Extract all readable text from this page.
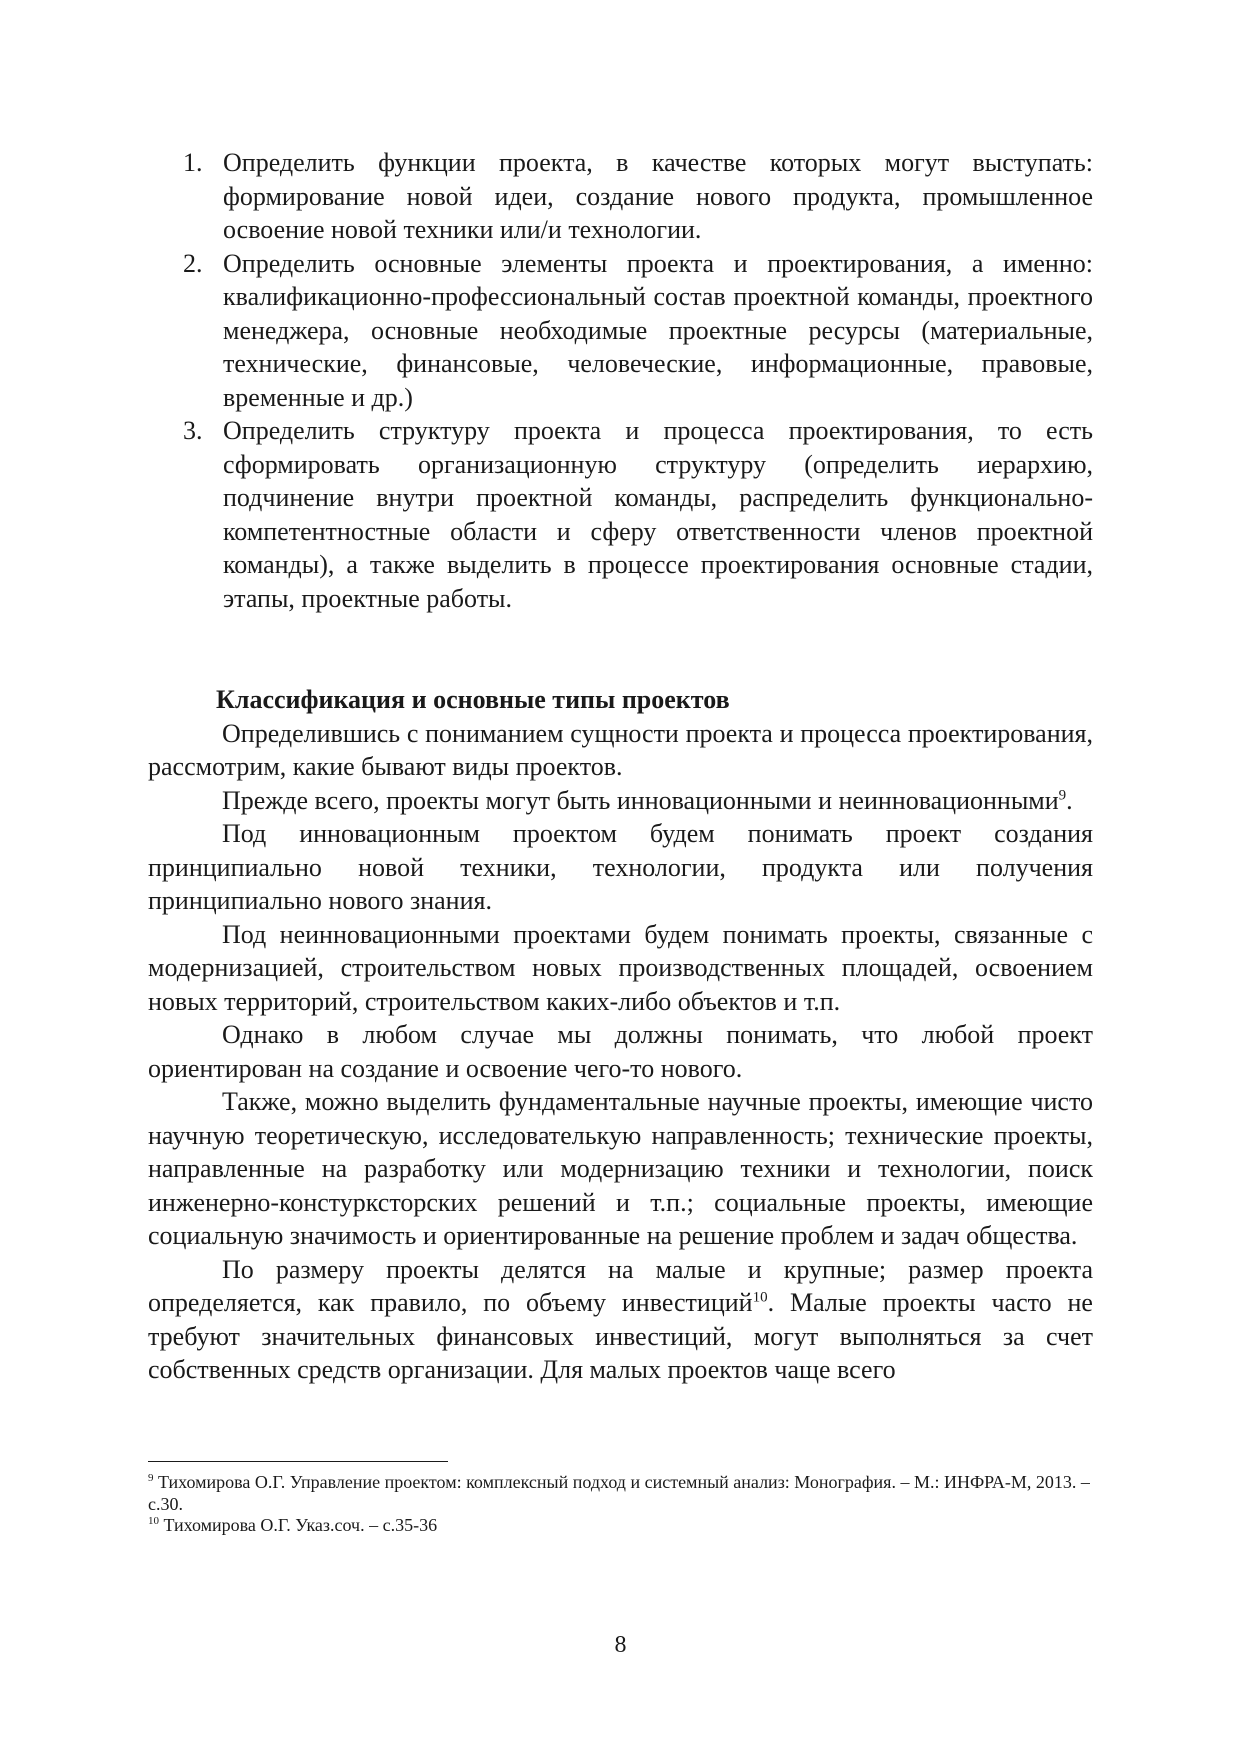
1. Определить функции проекта, в качестве которых могут выступать: формирование новой идеи, создание нового продукта, промышленное освоение новой техники или/и технологии.
2. Определить основные элементы проекта и проектирования, а именно: квалификационно-профессиональный состав проектной команды, проектного менеджера, основные необходимые проектные ресурсы (материальные, технические, финансовые, человеческие, информационные, правовые, временные и др.)
3. Определить структуру проекта и процесса проектирования, то есть сформировать организационную структуру (определить иерархию, подчинение внутри проектной команды, распределить функционально-компетентностные области и сферу ответственности членов проектной команды), а также выделить в процессе проектирования основные стадии, этапы, проектные работы.
Классификация и основные типы проектов

Определившись с пониманием сущности проекта и процесса проектирования, рассмотрим, какие бывают виды проектов.

Прежде всего, проекты могут быть инновационными и неинновационными$^9$.

Под инновационным проектом будем понимать проект создания принципиально новой техники, технологии, продукта или получения принципиально нового знания.

Под неинновационными проектами будем понимать проекты, связанные с модернизацией, строительством новых производственных площадей, освоением новых территорий, строительством каких-либо объектов и т.п.

Однако в любом случае мы должны понимать, что любой проект ориентирован на создание и освоение чего-то нового.

Также, можно выделить фундаментальные научные проекты, имеющие чисто научную теоретическую, исследователькую направленность; технические проекты, направленные на разработку или модернизацию техники и технологии, поиск инженерно-констурксторских решений и т.п.; социальные проекты, имеющие социальную значимость и ориентированные на решение проблем и задач общества.

По размеру проекты делятся на малые и крупные; размер проекта определяется, как правило, по объему инвестиций$^{10}$. Малые проекты часто не требуют значительных финансовых инвестиций, могут выполняться за счет собственных средств организации. Для малых проектов чаще всего

$^9$ Тихомирова О.Г. Управление проектом: комплексный подход и системный анализ: Монография. – М.: ИНФРА-М, 2013. – с.30.
$^{10}$ Тихомирова О.Г. Указ.соч. – с.35-36
8
